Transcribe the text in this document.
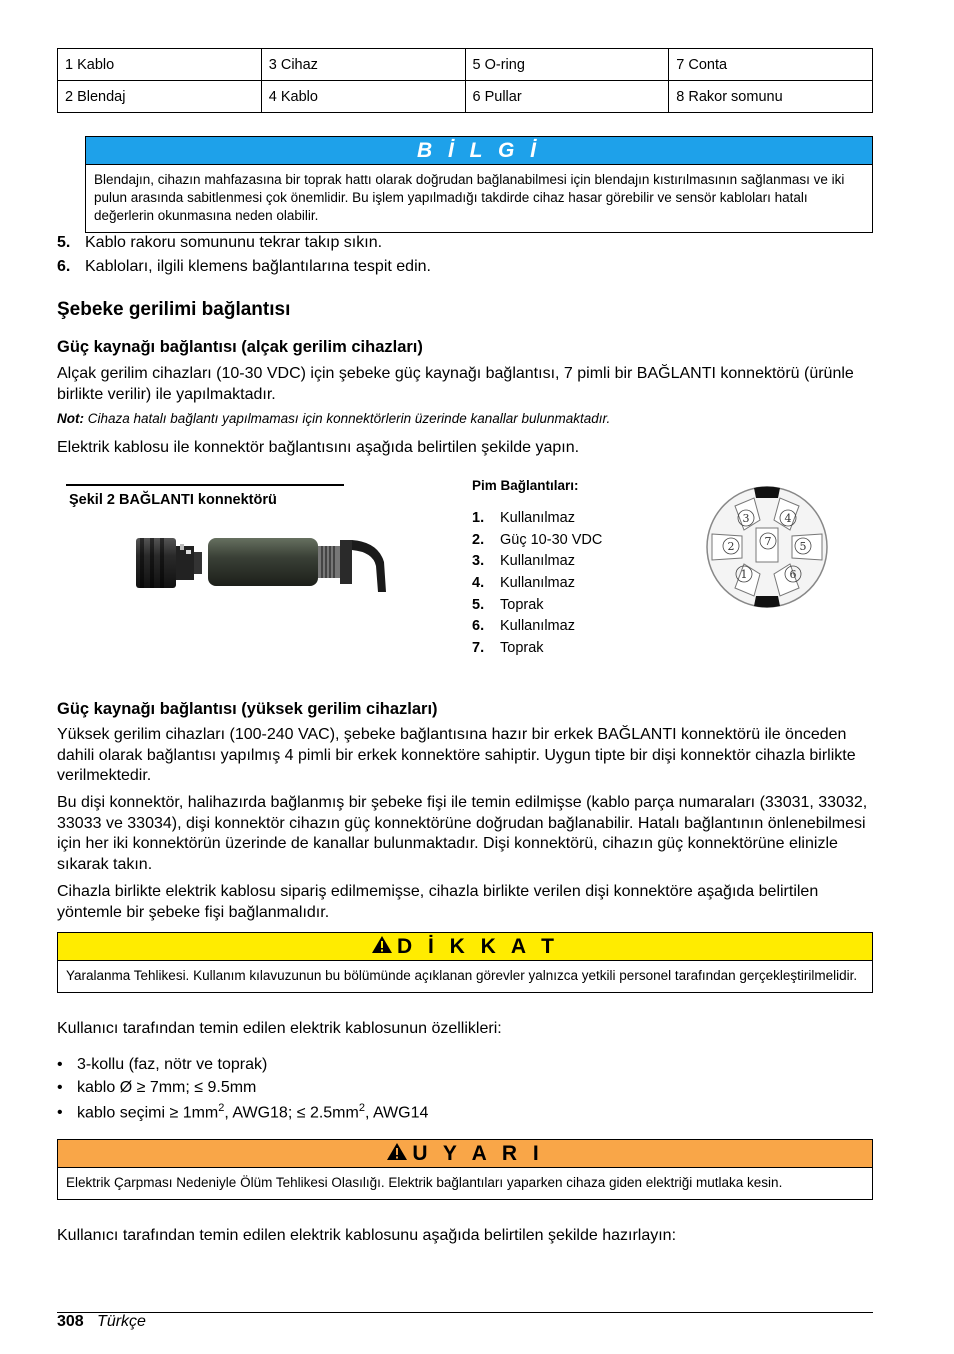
1 Kablo	3 Cihaz	5 O-ring	7 Conta
2 Blendaj	4 Kablo	6 Pullar	8 Rakor somunu
B İ L G İ
Blendajın, cihazın mahfazasına bir toprak hattı olarak doğrudan bağlanabilmesi için blendajın kıstırılmasının sağlanması ve iki pulun arasında sabitlenmesi çok önemlidir. Bu işlem yapılmadığı takdirde cihaz hasar görebilir ve sensör kabloları hatalı değerlerin okunmasına neden olabilir.
5. Kablo rakoru somununu tekrar takıp sıkın.
6. Kabloları, ilgili klemens bağlantılarına tespit edin.
Şebeke gerilimi bağlantısı
Güç kaynağı bağlantısı (alçak gerilim cihazları)
Alçak gerilim cihazları (10-30 VDC) için şebeke güç kaynağı bağlantısı, 7 pimli bir BAĞLANTI konnektörü (ürünle birlikte verilir) ile yapılmaktadır.
Not: Cihaza hatalı bağlantı yapılmaması için konnektörlerin üzerinde kanallar bulunmaktadır.
Elektrik kablosu ile konnektör bağlantısını aşağıda belirtilen şekilde yapın.
Şekil 2 BAĞLANTI konnektörü
Pim Bağlantıları:
1. Kullanılmaz
2. Güç 10-30 VDC
3. Kullanılmaz
4. Kullanılmaz
5. Toprak
6. Kullanılmaz
7. Toprak
3	4
2	7	5
1	6
Güç kaynağı bağlantısı (yüksek gerilim cihazları)
Yüksek gerilim cihazları (100-240 VAC), şebeke bağlantısına hazır bir erkek BAĞLANTI konnektörü ile önceden dahili olarak bağlantısı yapılmış 4 pimli bir erkek konnektöre sahiptir. Uygun tipte bir dişi konnektör cihazla birlikte verilmektedir.
Bu dişi konnektör, halihazırda bağlanmış bir şebeke fişi ile temin edilmişse (kablo parça numaraları (33031, 33032, 33033 ve 33034), dişi konnektör cihazın güç konnektörüne doğrudan bağlanabilir. Hatalı bağlantının önlenebilmesi için her iki konnektörün üzerinde de kanallar bulunmaktadır. Dişi konnektörü, cihazın güç konnektörüne elinizle sıkarak takın.
Cihazla birlikte elektrik kablosu sipariş edilmemişse, cihazla birlikte verilen dişi konnektöre aşağıda belirtilen yöntemle bir şebeke fişi bağlanmalıdır.
D İ K K A T
Yaralanma Tehlikesi. Kullanım kılavuzunun bu bölümünde açıklanan görevler yalnızca yetkili personel tarafından gerçekleştirilmelidir.
Kullanıcı tarafından temin edilen elektrik kablosunun özellikleri:
• 3-kollu (faz, nötr ve toprak)
• kablo Ø ≥ 7mm; ≤ 9.5mm
• kablo seçimi ≥ $1mm^2$, AWG18; ≤ $2.5mm^2$, AWG14
U Y A R I
Elektrik Çarpması Nedeniyle Ölüm Tehlikesi Olasılığı. Elektrik bağlantıları yaparken cihaza giden elektriği mutlaka kesin.
Kullanıcı tarafından temin edilen elektrik kablosunu aşağıda belirtilen şekilde hazırlayın:
308 Türkçe
